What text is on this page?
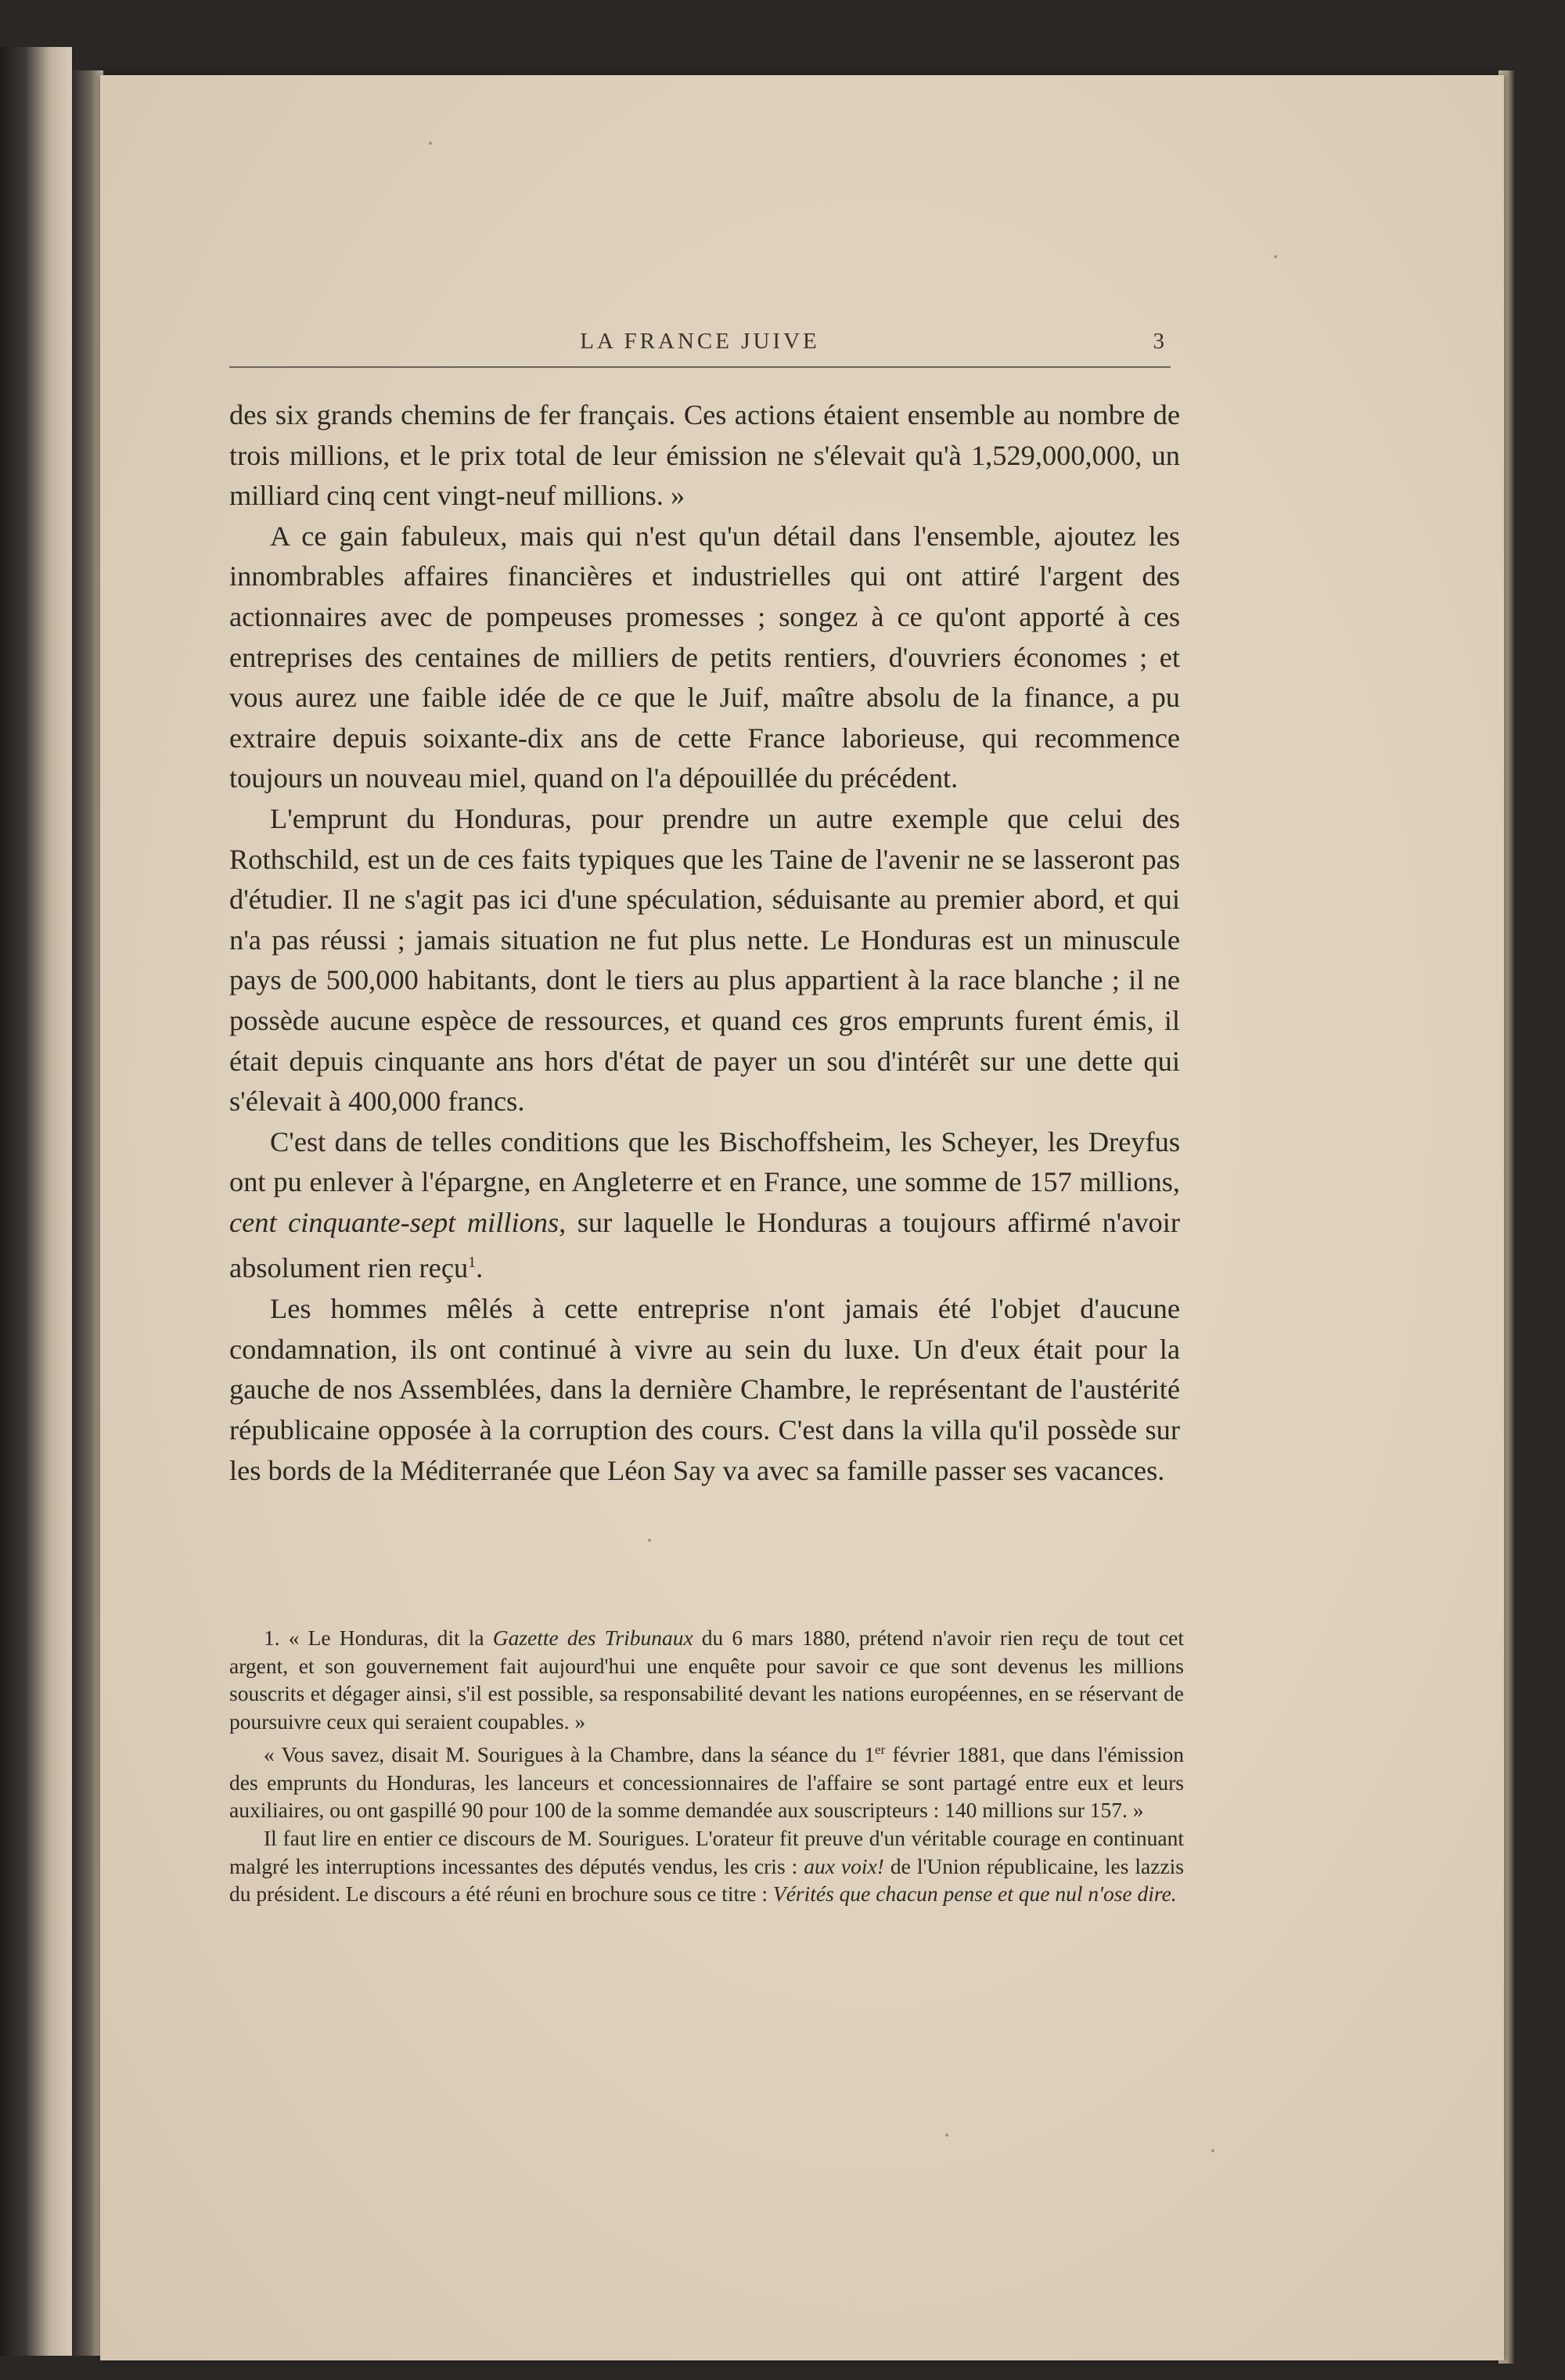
LA FRANCE JUIVE	3

des six grands chemins de fer français. Ces actions étaient ensemble au nombre de trois millions, et le prix total de leur émission ne s'élevait qu'à 1,529,000,000, un milliard cinq cent vingt-neuf millions. »

A ce gain fabuleux, mais qui n'est qu'un détail dans l'ensemble, ajoutez les innombrables affaires financières et industrielles qui ont attiré l'argent des actionnaires avec de pompeuses promesses ; songez à ce qu'ont apporté à ces entreprises des centaines de milliers de petits rentiers, d'ouvriers économes ; et vous aurez une faible idée de ce que le Juif, maître absolu de la finance, a pu extraire depuis soixante-dix ans de cette France laborieuse, qui recommence toujours un nouveau miel, quand on l'a dépouillée du précédent.

L'emprunt du Honduras, pour prendre un autre exemple que celui des Rothschild, est un de ces faits typiques que les Taine de l'avenir ne se lasseront pas d'étudier. Il ne s'agit pas ici d'une spéculation, séduisante au premier abord, et qui n'a pas réussi ; jamais situation ne fut plus nette. Le Honduras est un minuscule pays de 500,000 habitants, dont le tiers au plus appartient à la race blanche ; il ne possède aucune espèce de ressources, et quand ces gros emprunts furent émis, il était depuis cinquante ans hors d'état de payer un sou d'intérêt sur une dette qui s'élevait à 400,000 francs.

C'est dans de telles conditions que les Bischoffsheim, les Scheyer, les Dreyfus ont pu enlever à l'épargne, en Angleterre et en France, une somme de 157 millions, cent cinquante-sept millions, sur laquelle le Honduras a toujours affirmé n'avoir absolument rien reçu$^1$.

Les hommes mêlés à cette entreprise n'ont jamais été l'objet d'aucune condamnation, ils ont continué à vivre au sein du luxe. Un d'eux était pour la gauche de nos Assemblées, dans la dernière Chambre, le représentant de l'austérité républicaine opposée à la corruption des cours. C'est dans la villa qu'il possède sur les bords de la Méditerranée que Léon Say va avec sa famille passer ses vacances.

1. « Le Honduras, dit la Gazette des Tribunaux du 6 mars 1880, prétend n'avoir rien reçu de tout cet argent, et son gouvernement fait aujourd'hui une enquête pour savoir ce que sont devenus les millions souscrits et dégager ainsi, s'il est possible, sa responsabilité devant les nations européennes, en se réservant de poursuivre ceux qui seraient coupables. »

« Vous savez, disait M. Sourigues à la Chambre, dans la séance du 1er février 1881, que dans l'émission des emprunts du Honduras, les lanceurs et concessionnaires de l'affaire se sont partagé entre eux et leurs auxiliaires, ou ont gaspillé 90 pour 100 de la somme demandée aux souscripteurs : 140 millions sur 157. »

Il faut lire en entier ce discours de M. Sourigues. L'orateur fit preuve d'un véritable courage en continuant malgré les interruptions incessantes des députés vendus, les cris : aux voix! de l'Union républicaine, les lazzis du président. Le discours a été réuni en brochure sous ce titre : Vérités que chacun pense et que nul n'ose dire.
